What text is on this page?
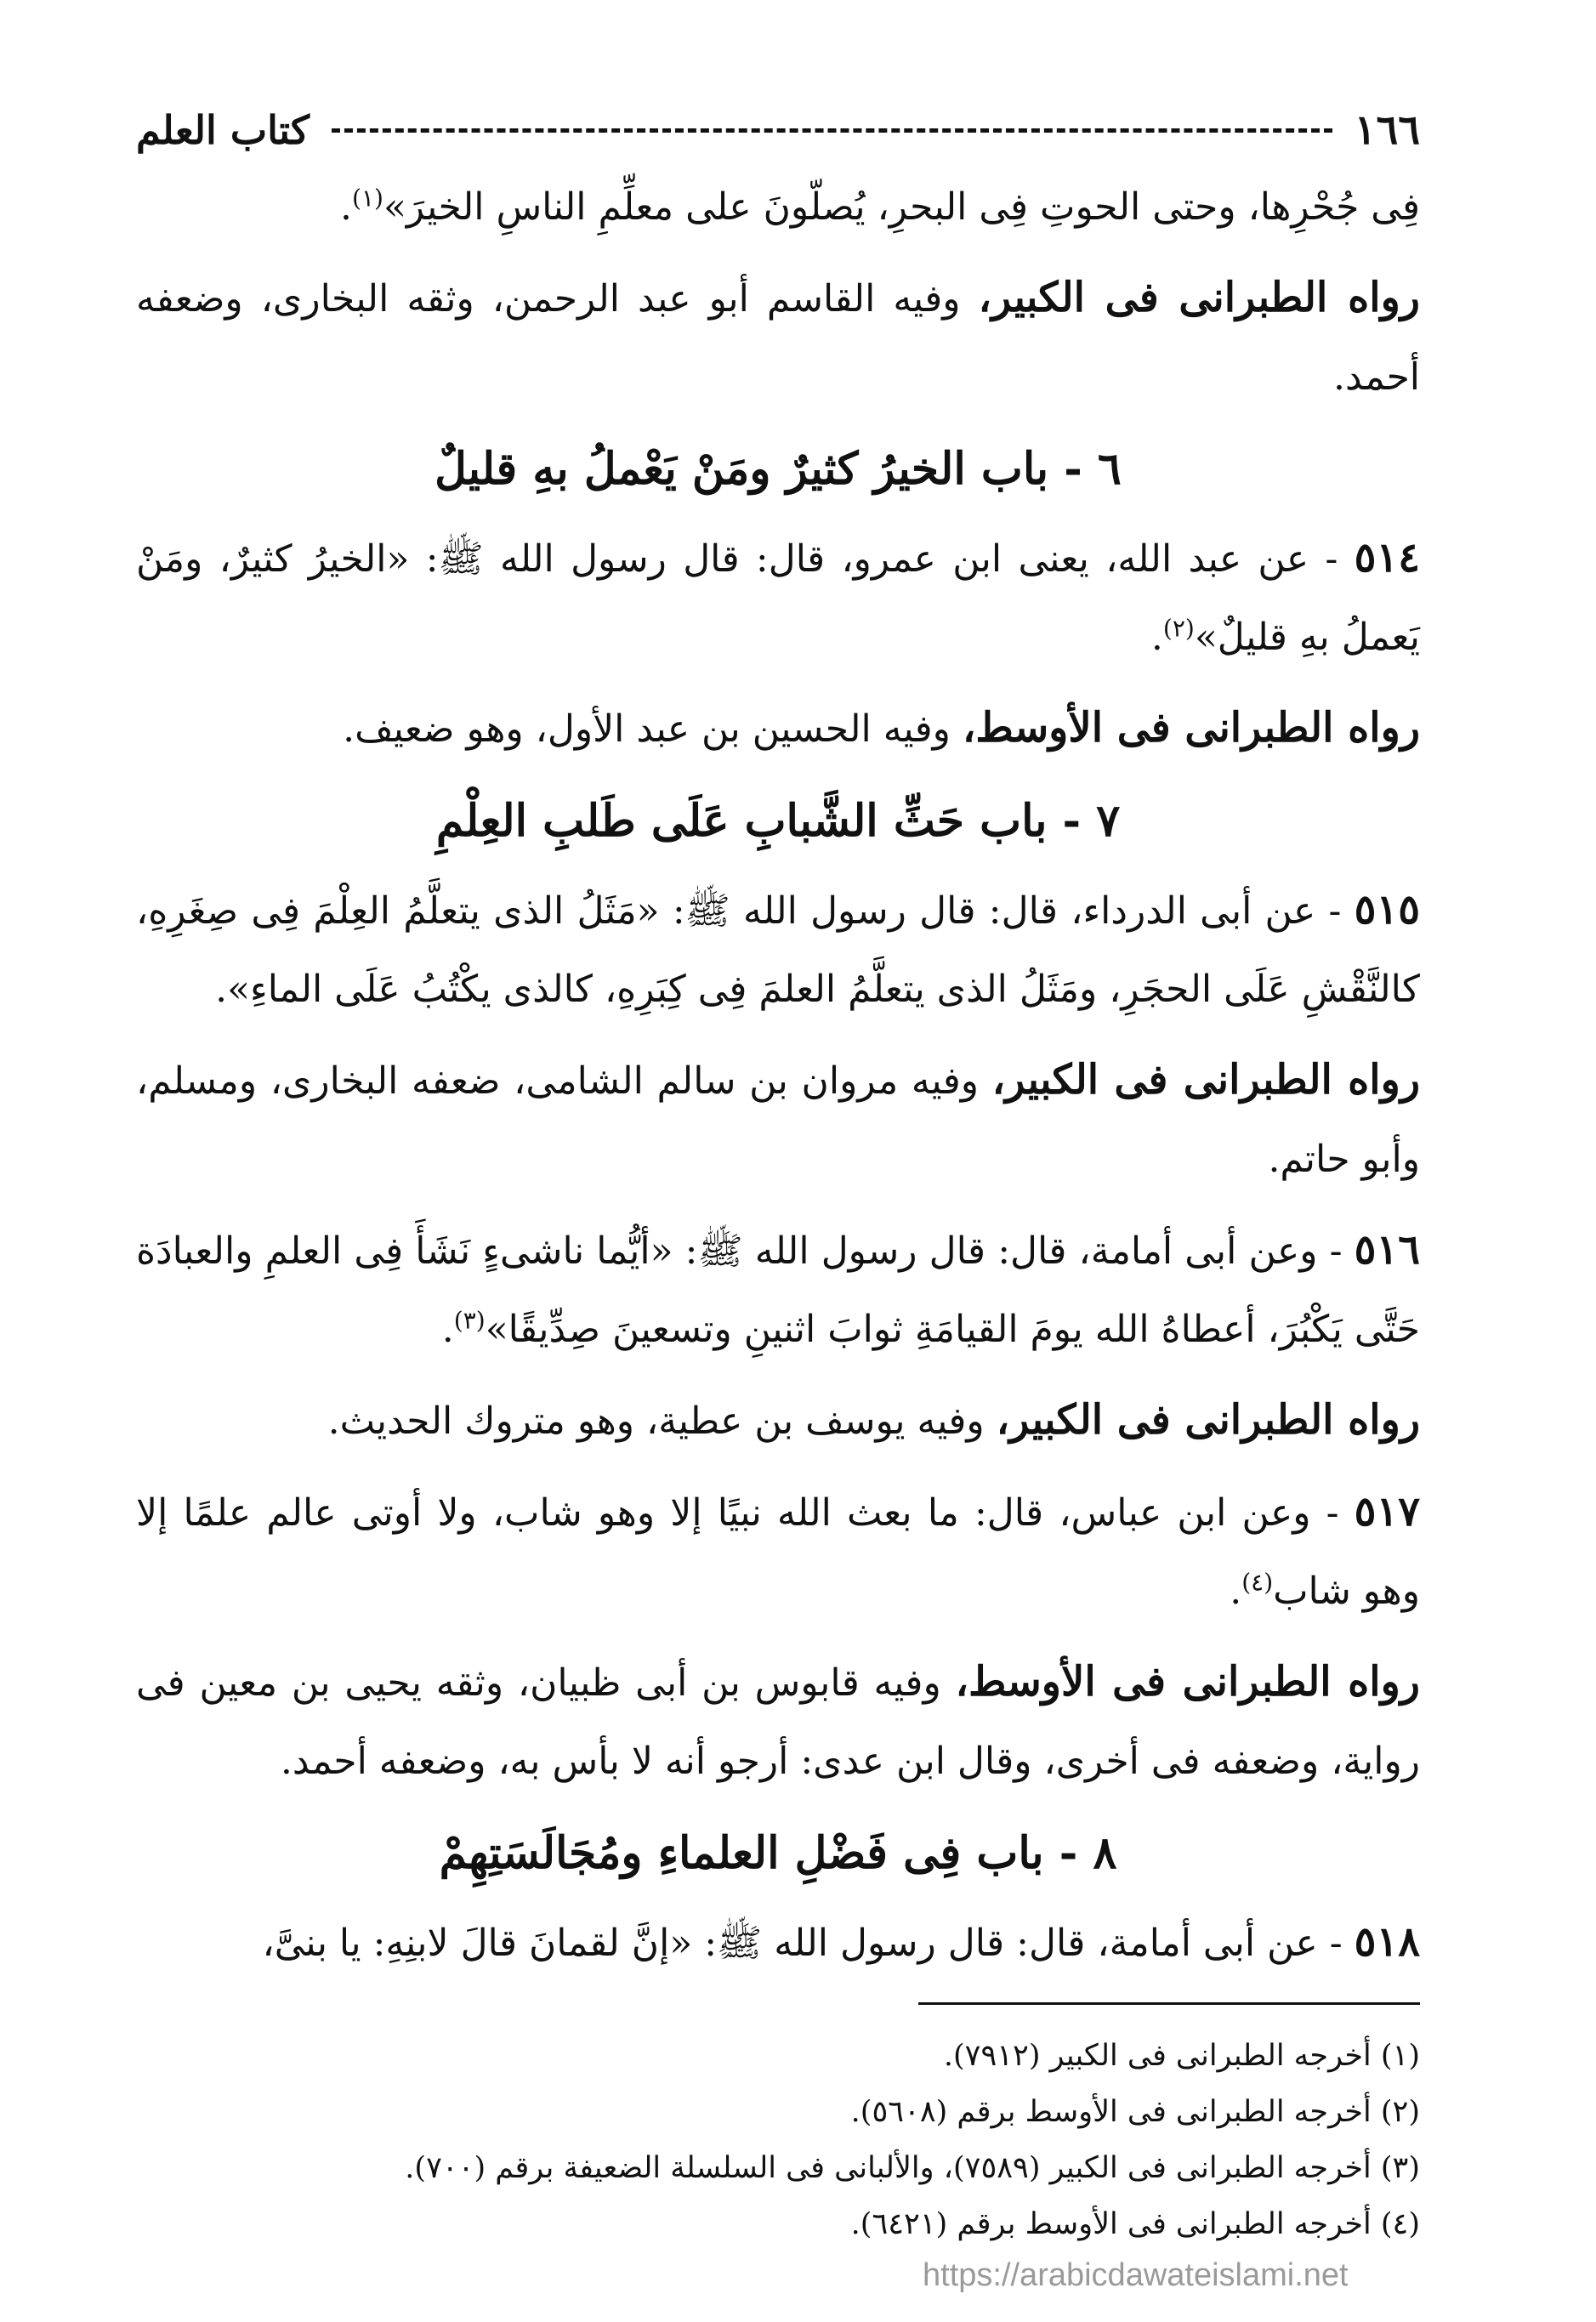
١٦٦
كتاب العلم

فِى جُحْرِها، وحتى الحوتِ فِى البحرِ، يُصلّونَ على معلِّمِ الناسِ الخيرَ»$^{(١)}$.

رواه الطبرانى فى الكبير، وفيه القاسم أبو عبد الرحمن، وثقه البخارى، وضعفه أحمد.

٦ - باب الخيرُ كثيرٌ ومَنْ يَعْملُ بهِ قليلٌ

٥١٤ - عن عبد الله، يعنى ابن عمرو، قال: قال رسول الله ﷺ: «الخيرُ كثيرٌ، ومَنْ يَعملُ بهِ قليلٌ»$^{(٢)}$.

رواه الطبرانى فى الأوسط، وفيه الحسين بن عبد الأول، وهو ضعيف.

٧ - باب حَثِّ الشَّبابِ عَلَى طَلبِ العِلْمِ

٥١٥ - عن أبى الدرداء، قال: قال رسول الله ﷺ: «مَثَلُ الذى يتعلَّمُ العِلْمَ فِى صِغَرِهِ، كالنَّقْشِ عَلَى الحجَرِ، ومَثَلُ الذى يتعلَّمُ العلمَ فِى كِبَرِهِ، كالذى يكْتُبُ عَلَى الماءِ».

رواه الطبرانى فى الكبير، وفيه مروان بن سالم الشامى، ضعفه البخارى، ومسلم، وأبو حاتم.

٥١٦ - وعن أبى أمامة، قال: قال رسول الله ﷺ: «أيُّما ناشىءٍ نَشَأَ فِى العلمِ والعبادَة حَتَّى يَكْبُرَ، أعطاهُ الله يومَ القيامَةِ ثوابَ اثنينِ وتسعينَ صِدِّيقًا»$^{(٣)}$.

رواه الطبرانى فى الكبير، وفيه يوسف بن عطية، وهو متروك الحديث.

٥١٧ - وعن ابن عباس، قال: ما بعث الله نبيًا إلا وهو شاب، ولا أوتى عالم علمًا إلا وهو شاب$^{(٤)}$.

رواه الطبرانى فى الأوسط، وفيه قابوس بن أبى ظبيان، وثقه يحيى بن معين فى رواية، وضعفه فى أخرى، وقال ابن عدى: أرجو أنه لا بأس به، وضعفه أحمد.

٨ - باب فِى فَضْلِ العلماءِ ومُجَالَسَتِهِمْ

٥١٨ - عن أبى أمامة، قال: قال رسول الله ﷺ: «إنَّ لقمانَ قالَ لابنِهِ: يا بنىَّ،

(١) أخرجه الطبرانى فى الكبير (٧٩١٢).
(٢) أخرجه الطبرانى فى الأوسط برقم (٥٦٠٨).
(٣) أخرجه الطبرانى فى الكبير (٧٥٨٩)، والألبانى فى السلسلة الضعيفة برقم (٧٠٠).
(٤) أخرجه الطبرانى فى الأوسط برقم (٦٤٢١).
https://arabicdawateislami.net
